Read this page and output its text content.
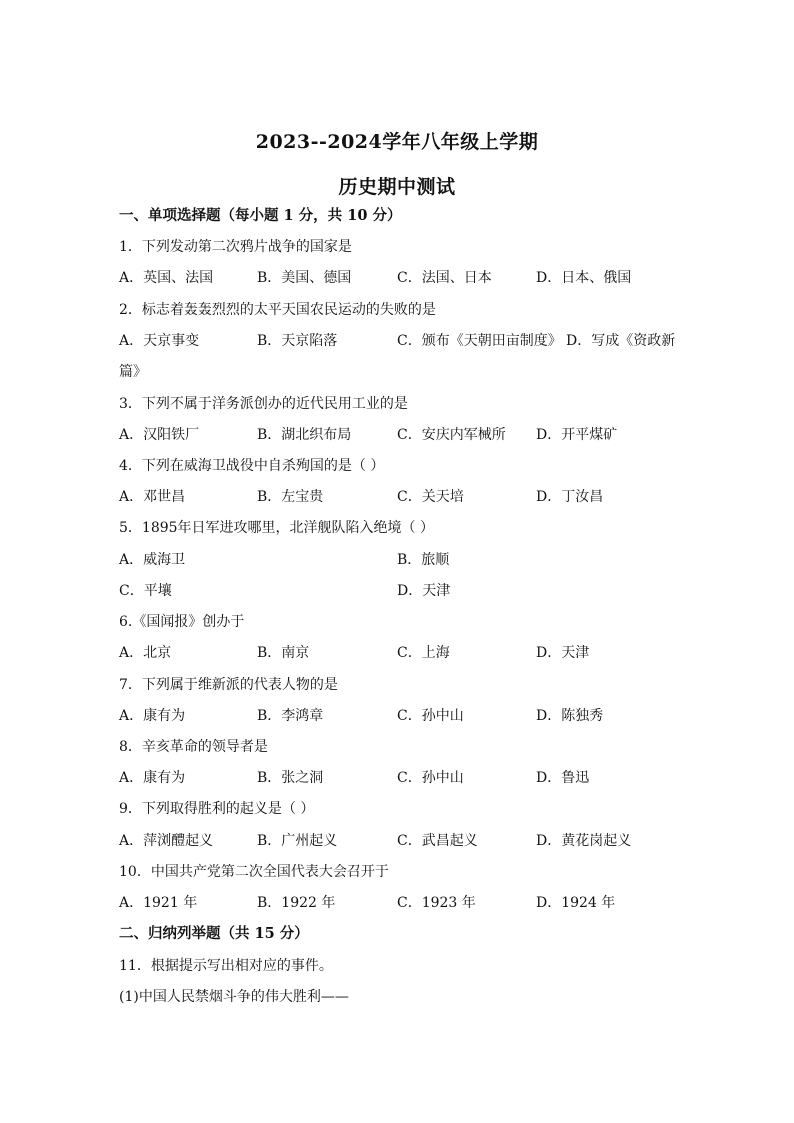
2023--2024学年八年级上学期
历史期中测试
一、单项选择题（每小题 1 分，共 10 分）
1．下列发动第二次鸦片战争的国家是
A．英国、法国	B．美国、德国	C．法国、日本	D．日本、俄国
2．标志着轰轰烈烈的太平天国农民运动的失败的是
A．天京事变	B．天京陷落	C．颁布《天朝田亩制度》 D．写成《资政新
篇》
3．下列不属于洋务派创办的近代民用工业的是
A．汉阳铁厂	B．湖北织布局	C．安庆内军械所 D．开平煤矿
4．下列在威海卫战役中自杀殉国的是（ ）
A．邓世昌	B．左宝贵	C．关天培	D．丁汝昌
5．1895年日军进攻哪里，北洋舰队陷入绝境（ ）
A．威海卫	B．旅顺
C．平壤	D．天津
6.《国闻报》创办于
A．北京	B．南京	C．上海	D．天津
7．下列属于维新派的代表人物的是
A．康有为	B．李鸿章	C．孙中山	D．陈独秀
8．辛亥革命的领导者是
A．康有为	B．张之洞	C．孙中山	D．鲁迅
9．下列取得胜利的起义是（ ）
A．萍浏醴起义	B．广州起义	C．武昌起义	D．黄花岗起义
10．中国共产党第二次全国代表大会召开于
A．1921 年	B．1922 年	C．1923 年	D．1924 年
二、归纳列举题（共 15 分）
11．根据提示写出相对应的事件。
(1)中国人民禁烟斗争的伟大胜利——
